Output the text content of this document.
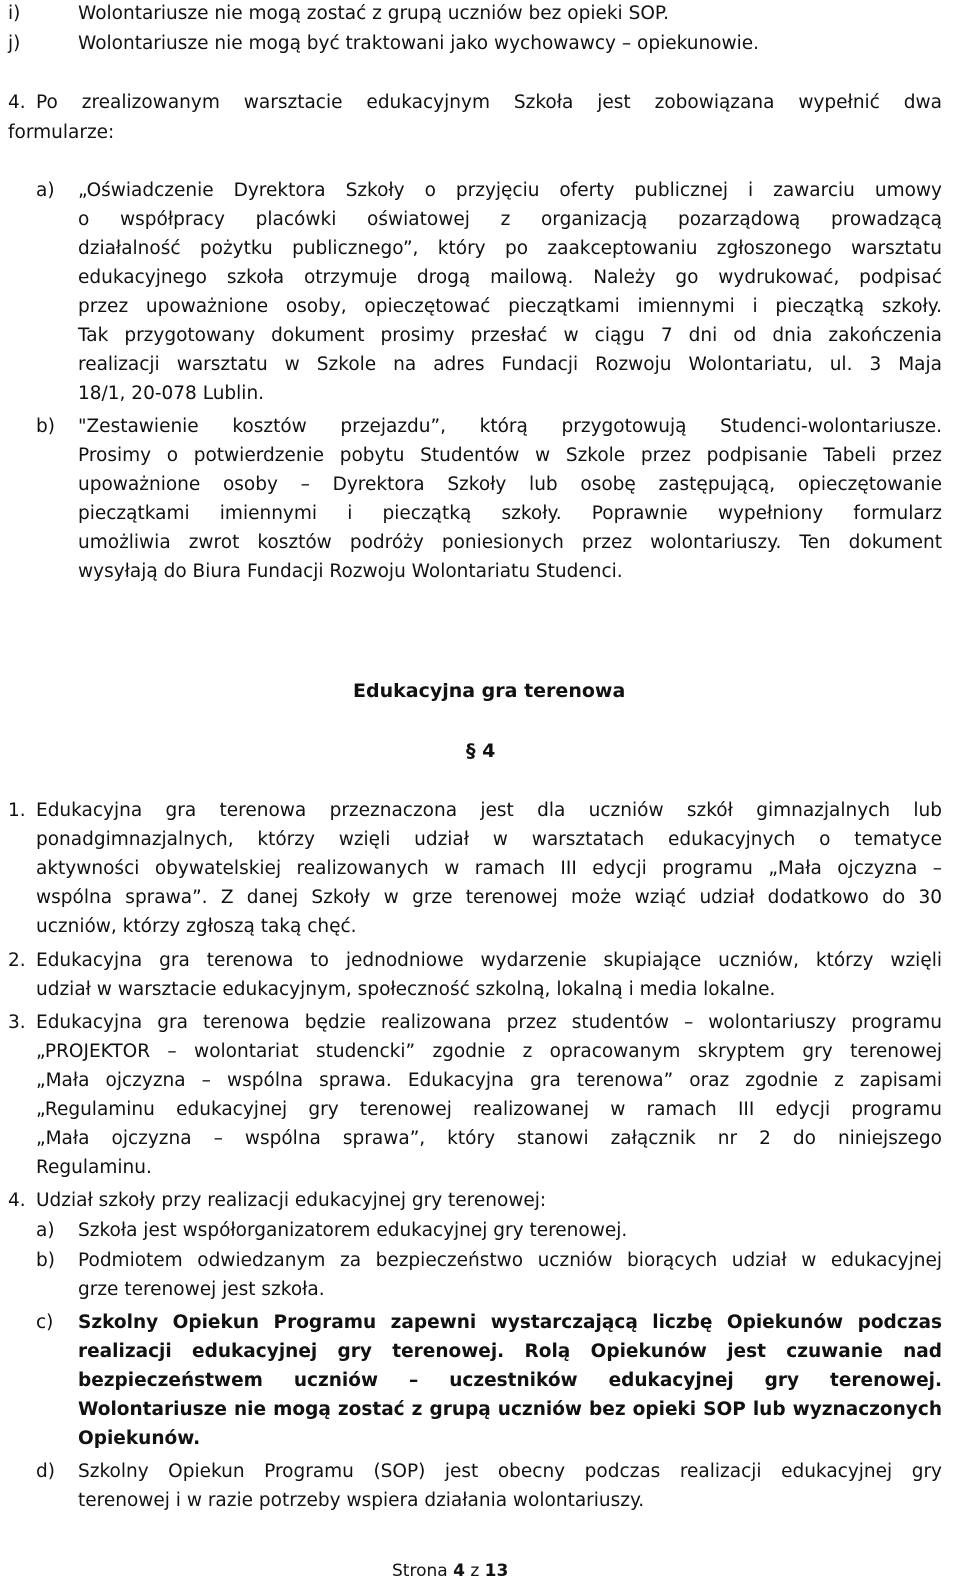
i)	Wolontariusze nie mogą zostać z grupą uczniów bez opieki SOP.
j)	Wolontariusze nie mogą być traktowani jako wychowawcy – opiekunowie.
4. Po zrealizowanym warsztacie edukacyjnym Szkoła jest zobowiązana wypełnić dwa
formularze:
a) „Oświadczenie Dyrektora Szkoły o przyjęciu oferty publicznej i zawarciu umowy
o współpracy placówki oświatowej z organizacją pozarządową prowadzącą
działalność pożytku publicznego”, który po zaakceptowaniu zgłoszonego warsztatu
edukacyjnego szkoła otrzymuje drogą mailową. Należy go wydrukować, podpisać
przez upoważnione osoby, opieczętować pieczątkami imiennymi i pieczątką szkoły.
Tak przygotowany dokument prosimy przesłać w ciągu 7 dni od dnia zakończenia
realizacji warsztatu w Szkole na adres Fundacji Rozwoju Wolontariatu, ul. 3 Maja
18/1, 20-078 Lublin.
b) "Zestawienie kosztów przejazdu”, którą przygotowują Studenci-wolontariusze.
Prosimy o potwierdzenie pobytu Studentów w Szkole przez podpisanie Tabeli przez
upoważnione osoby – Dyrektora Szkoły lub osobę zastępującą, opieczętowanie
pieczątkami imiennymi i pieczątką szkoły. Poprawnie wypełniony formularz
umożliwia zwrot kosztów podróży poniesionych przez wolontariuszy. Ten dokument
wysyłają do Biura Fundacji Rozwoju Wolontariatu Studenci.
Edukacyjna gra terenowa
§ 4
1. Edukacyjna gra terenowa przeznaczona jest dla uczniów szkół gimnazjalnych lub
ponadgimnazjalnych, którzy wzięli udział w warsztatach edukacyjnych o tematyce
aktywności obywatelskiej realizowanych w ramach III edycji programu „Mała ojczyzna –
wspólna sprawa”. Z danej Szkoły w grze terenowej może wziąć udział dodatkowo do 30
uczniów, którzy zgłoszą taką chęć.
2. Edukacyjna gra terenowa to jednodniowe wydarzenie skupiające uczniów, którzy wzięli
udział w warsztacie edukacyjnym, społeczność szkolną, lokalną i media lokalne.
3. Edukacyjna gra terenowa będzie realizowana przez studentów – wolontariuszy programu
„PROJEKTOR – wolontariat studencki” zgodnie z opracowanym skryptem gry terenowej
„Mała ojczyzna – wspólna sprawa. Edukacyjna gra terenowa” oraz zgodnie z zapisami
„Regulaminu edukacyjnej gry terenowej realizowanej w ramach III edycji programu
„Mała ojczyzna – wspólna sprawa”, który stanowi załącznik nr 2 do niniejszego
Regulaminu.
4. Udział szkoły przy realizacji edukacyjnej gry terenowej:
a) Szkoła jest współorganizatorem edukacyjnej gry terenowej.
b) Podmiotem odwiedzanym za bezpieczeństwo uczniów biorących udział w edukacyjnej
grze terenowej jest szkoła.
c) Szkolny Opiekun Programu zapewni wystarczającą liczbę Opiekunów podczas
realizacji edukacyjnej gry terenowej. Rolą Opiekunów jest czuwanie nad
bezpieczeństwem uczniów – uczestników edukacyjnej gry terenowej.
Wolontariusze nie mogą zostać z grupą uczniów bez opieki SOP lub wyznaczonych
Opiekunów.
d) Szkolny Opiekun Programu (SOP) jest obecny podczas realizacji edukacyjnej gry
terenowej i w razie potrzeby wspiera działania wolontariuszy.
Strona 4 z 13
